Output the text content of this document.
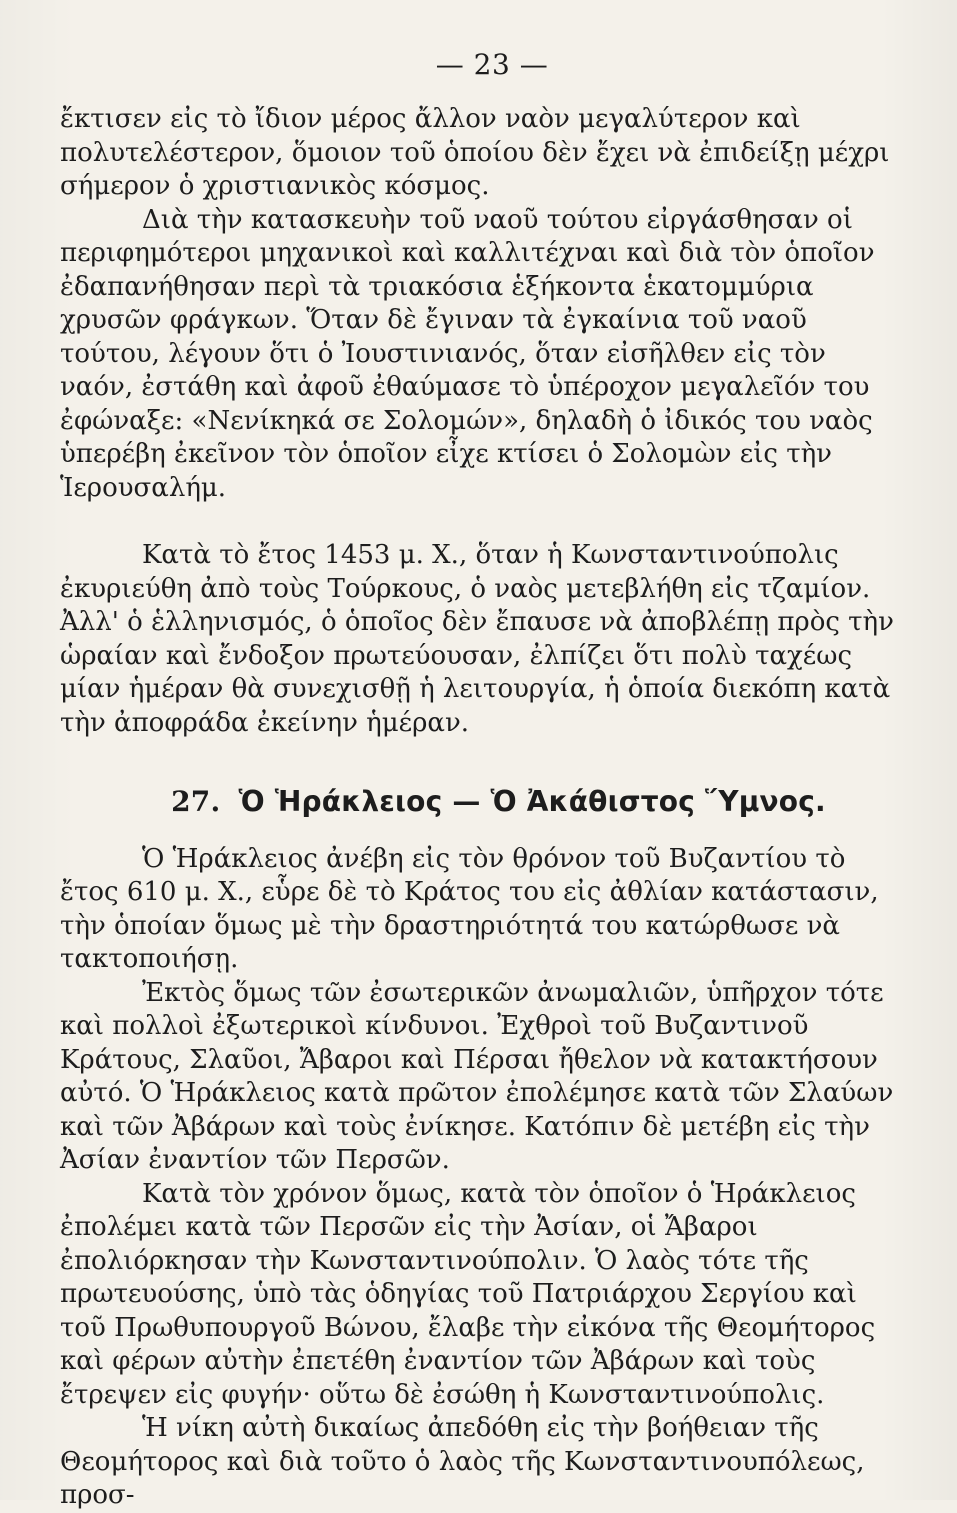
— 23 —

ἔκτισεν εἰς τὸ ἴδιον μέρος ἄλλον ναὸν μεγαλύτερον καὶ πολυτελέστερον, ὅμοιον τοῦ ὁποίου δὲν ἔχει νὰ ἐπιδείξῃ μέχρι σήμερον ὁ χριστιανικὸς κόσμος.

Διὰ τὴν κατασκευὴν τοῦ ναοῦ τούτου εἰργάσθησαν οἱ περιφημότεροι μηχανικοὶ καὶ καλλιτέχναι καὶ διὰ τὸν ὁποῖον ἐδαπανήθησαν περὶ τὰ τριακόσια ἑξήκοντα ἑκατομμύρια χρυσῶν φράγκων. Ὅταν δὲ ἔγιναν τὰ ἐγκαίνια τοῦ ναοῦ τούτου, λέγουν ὅτι ὁ Ἰουστινιανός, ὅταν εἰσῆλθεν εἰς τὸν ναόν, ἐστάθη καὶ ἀφοῦ ἐθαύμασε τὸ ὑπέροχον μεγαλεῖόν του ἐφώναξε: «Νενίκηκά σε Σολομών», δηλαδὴ ὁ ἰδικός του ναὸς ὑπερέβη ἐκεῖνον τὸν ὁποῖον εἶχε κτίσει ὁ Σολομὼν εἰς τὴν Ἱερουσαλήμ.

Κατὰ τὸ ἔτος 1453 μ. Χ., ὅταν ἡ Κωνσταντινούπολις ἐκυριεύθη ἀπὸ τοὺς Τούρκους, ὁ ναὸς μετεβλήθη εἰς τζαμίον. Ἀλλ' ὁ ἑλληνισμός, ὁ ὁποῖος δὲν ἔπαυσε νὰ ἀποβλέπῃ πρὸς τὴν ὡραίαν καὶ ἔνδοξον πρωτεύουσαν, ἐλπίζει ὅτι πολὺ ταχέως μίαν ἡμέραν θὰ συνεχισθῇ ἡ λειτουργία, ἡ ὁποία διεκόπη κατὰ τὴν ἀποφράδα ἐκείνην ἡμέραν.

27. Ὁ Ἡράκλειος — Ὁ Ἀκάθιστος Ὕμνος.

Ὁ Ἡράκλειος ἀνέβη εἰς τὸν θρόνον τοῦ Βυζαντίου τὸ ἔτος 610 μ. Χ., εὗρε δὲ τὸ Κράτος του εἰς ἀθλίαν κατάστασιν, τὴν ὁποίαν ὅμως μὲ τὴν δραστηριότητά του κατώρθωσε νὰ τακτοποιήσῃ.

Ἐκτὸς ὅμως τῶν ἐσωτερικῶν ἀνωμαλιῶν, ὑπῆρχον τότε καὶ πολλοὶ ἐξωτερικοὶ κίνδυνοι. Ἐχθροὶ τοῦ Βυζαντινοῦ Κράτους, Σλαῦοι, Ἄβαροι καὶ Πέρσαι ἤθελον νὰ κατακτήσουν αὐτό. Ὁ Ἡράκλειος κατὰ πρῶτον ἐπολέμησε κατὰ τῶν Σλαύων καὶ τῶν Ἀβάρων καὶ τοὺς ἐνίκησε. Κατόπιν δὲ μετέβη εἰς τὴν Ἀσίαν ἐναντίον τῶν Περσῶν.

Κατὰ τὸν χρόνον ὅμως, κατὰ τὸν ὁποῖον ὁ Ἡράκλειος ἐπολέμει κατὰ τῶν Περσῶν εἰς τὴν Ἀσίαν, οἱ Ἄβαροι ἐπολιόρκησαν τὴν Κωνσταντινούπολιν. Ὁ λαὸς τότε τῆς πρωτευούσης, ὑπὸ τὰς ὁδηγίας τοῦ Πατριάρχου Σεργίου καὶ τοῦ Πρωθυπουργοῦ Βώνου, ἔλαβε τὴν εἰκόνα τῆς Θεομήτορος καὶ φέρων αὐτὴν ἐπετέθη ἐναντίον τῶν Ἀβάρων καὶ τοὺς ἔτρεψεν εἰς φυγήν· οὕτω δὲ ἐσώθη ἡ Κωνσταντινούπολις.

Ἡ νίκη αὐτὴ δικαίως ἀπεδόθη εἰς τὴν βοήθειαν τῆς Θεομήτορος καὶ διὰ τοῦτο ὁ λαὸς τῆς Κωνσταντινουπόλεως, προσ-
